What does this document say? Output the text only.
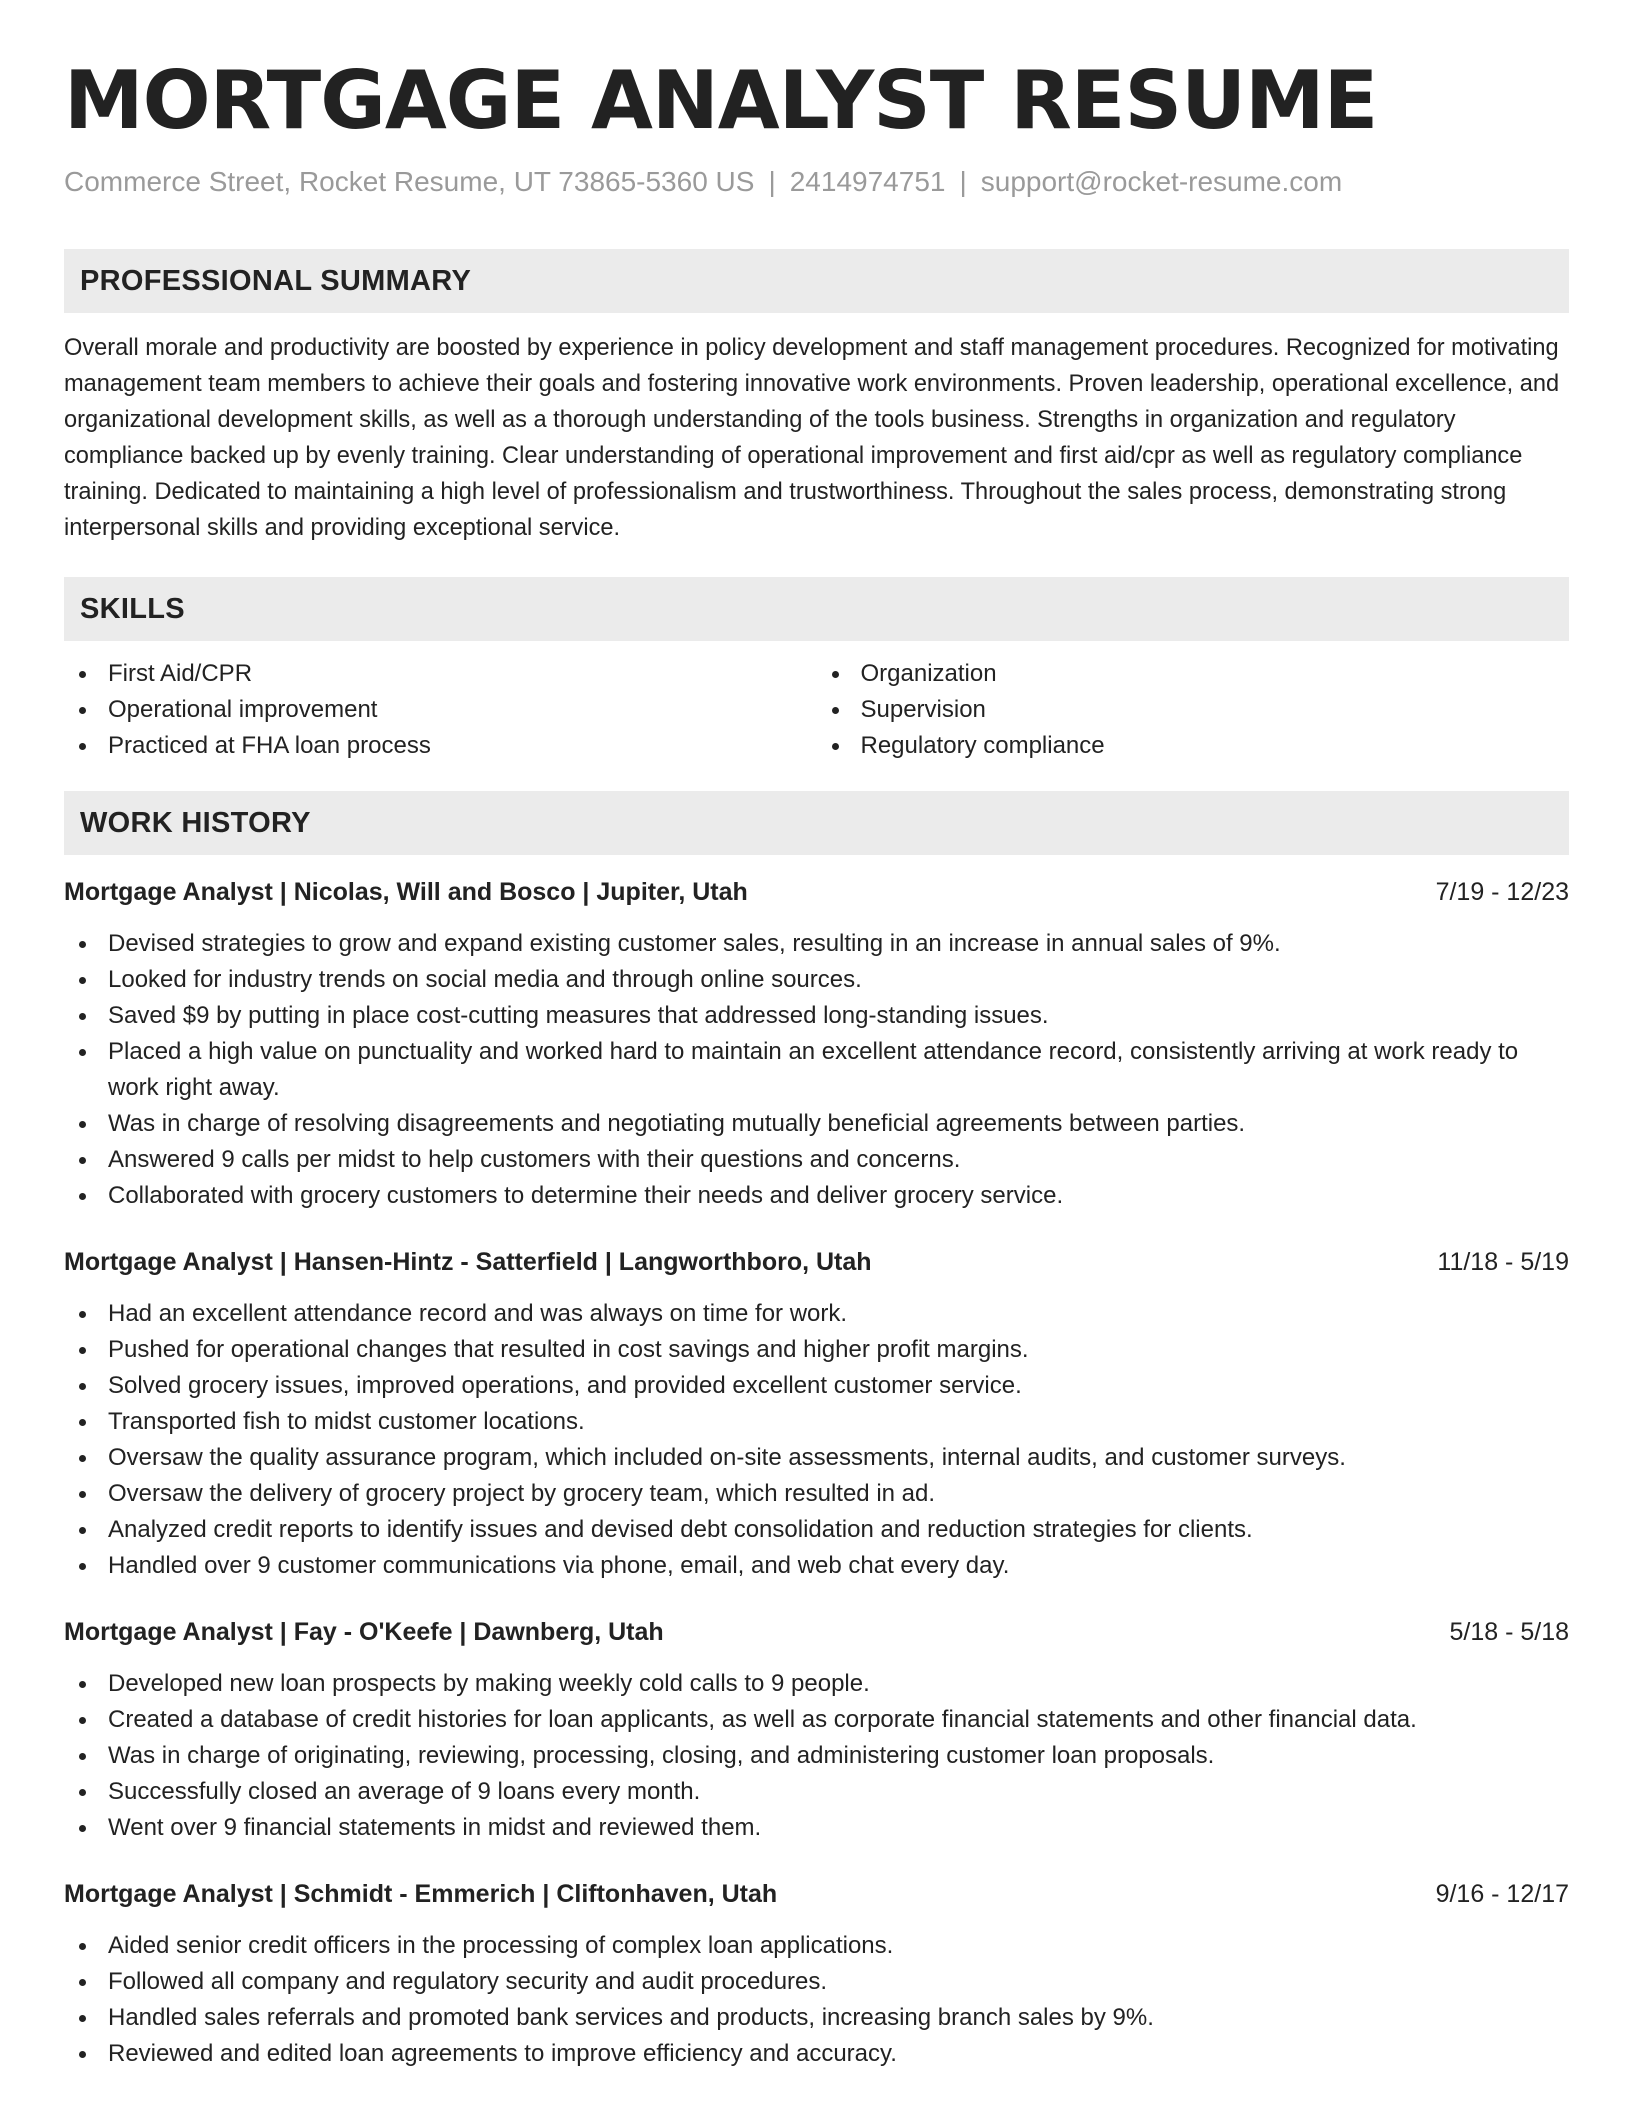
MORTGAGE ANALYST RESUME
Commerce Street, Rocket Resume, UT 73865-5360 US | 2414974751 | support@rocket-resume.com
PROFESSIONAL SUMMARY

Overall morale and productivity are boosted by experience in policy development and staff management procedures. Recognized for motivating management team members to achieve their goals and fostering innovative work environments. Proven leadership, operational excellence, and organizational development skills, as well as a thorough understanding of the tools business. Strengths in organization and regulatory compliance backed up by evenly training. Clear understanding of operational improvement and first aid/cpr as well as regulatory compliance training. Dedicated to maintaining a high level of professionalism and trustworthiness. Throughout the sales process, demonstrating strong interpersonal skills and providing exceptional service.

SKILLS
First Aid/CPR
Operational improvement
Practiced at FHA loan process
Organization
Supervision
Regulatory compliance
WORK HISTORY
Mortgage Analyst | Nicolas, Will and Bosco | Jupiter, Utah	7/19 - 12/23
Devised strategies to grow and expand existing customer sales, resulting in an increase in annual sales of 9%.
Looked for industry trends on social media and through online sources.
Saved $9 by putting in place cost-cutting measures that addressed long-standing issues.
Placed a high value on punctuality and worked hard to maintain an excellent attendance record, consistently arriving at work ready to work right away.
Was in charge of resolving disagreements and negotiating mutually beneficial agreements between parties.
Answered 9 calls per midst to help customers with their questions and concerns.
Collaborated with grocery customers to determine their needs and deliver grocery service.
Mortgage Analyst | Hansen-Hintz - Satterfield | Langworthboro, Utah	11/18 - 5/19
Had an excellent attendance record and was always on time for work.
Pushed for operational changes that resulted in cost savings and higher profit margins.
Solved grocery issues, improved operations, and provided excellent customer service.
Transported fish to midst customer locations.
Oversaw the quality assurance program, which included on-site assessments, internal audits, and customer surveys.
Oversaw the delivery of grocery project by grocery team, which resulted in ad.
Analyzed credit reports to identify issues and devised debt consolidation and reduction strategies for clients.
Handled over 9 customer communications via phone, email, and web chat every day.
Mortgage Analyst | Fay - O'Keefe | Dawnberg, Utah	5/18 - 5/18
Developed new loan prospects by making weekly cold calls to 9 people.
Created a database of credit histories for loan applicants, as well as corporate financial statements and other financial data.
Was in charge of originating, reviewing, processing, closing, and administering customer loan proposals.
Successfully closed an average of 9 loans every month.
Went over 9 financial statements in midst and reviewed them.
Mortgage Analyst | Schmidt - Emmerich | Cliftonhaven, Utah	9/16 - 12/17
Aided senior credit officers in the processing of complex loan applications.
Followed all company and regulatory security and audit procedures.
Handled sales referrals and promoted bank services and products, increasing branch sales by 9%.
Reviewed and edited loan agreements to improve efficiency and accuracy.
